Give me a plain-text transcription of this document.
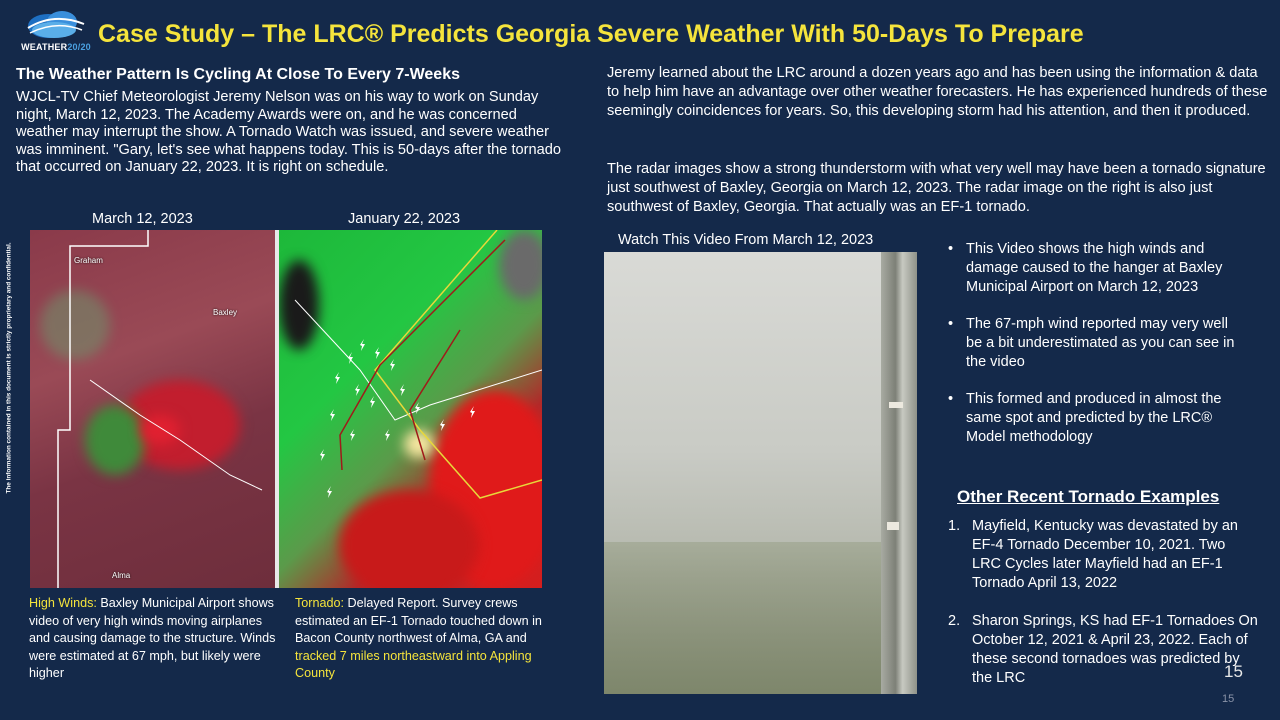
WEATHER20/20 Case Study – The LRC® Predicts Georgia Severe Weather With 50-Days To Prepare
The information contained in this document is strictly proprietary and confidential.
The Weather Pattern Is Cycling At Close To Every 7-Weeks
WJCL-TV Chief Meteorologist Jeremy Nelson was on his way to work on Sunday night, March 12, 2023. The Academy Awards were on, and he was concerned weather may interrupt the show. A Tornado Watch was issued, and severe weather was imminent. "Gary, let's see what happens today. This is 50-days after the tornado that occurred on January 22, 2023. It is right on schedule.
Jeremy learned about the LRC around a dozen years ago and has been using the information & data to help him have an advantage over other weather forecasters. He has experienced hundreds of these seemingly coincidences for years. So, this developing storm had his attention, and then it produced.
The radar images show a strong thunderstorm with what very well may have been a tornado signature just southwest of Baxley, Georgia on March 12, 2023. The radar image on the right is also just southwest of Baxley, Georgia. That actually was an EF-1 tornado.
March 12, 2023	January 22, 2023
Graham
Baxley
Alma
High Winds: Baxley Municipal Airport shows video of very high winds moving airplanes and causing damage to the structure. Winds were estimated at 67 mph, but likely were higher
Tornado: Delayed Report. Survey crews estimated an EF-1 Tornado touched down in Bacon County northwest of Alma, GA and tracked 7 miles northeastward into Appling County
Watch This Video From March 12, 2023
• This Video shows the high winds and damage caused to the hanger at Baxley Municipal Airport on March 12, 2023
• The 67-mph wind reported may very well be a bit underestimated as you can see in the video
• This formed and produced in almost the same spot and predicted by the LRC® Model methodology
Other Recent Tornado Examples
1. Mayfield, Kentucky was devastated by an EF-4 Tornado December 10, 2021. Two LRC Cycles later Mayfield had an EF-1 Tornado April 13, 2022
2. Sharon Springs, KS had EF-1 Tornadoes On October 12, 2021 & April 23, 2022. Each of these second tornadoes was predicted by the LRC	15
15
